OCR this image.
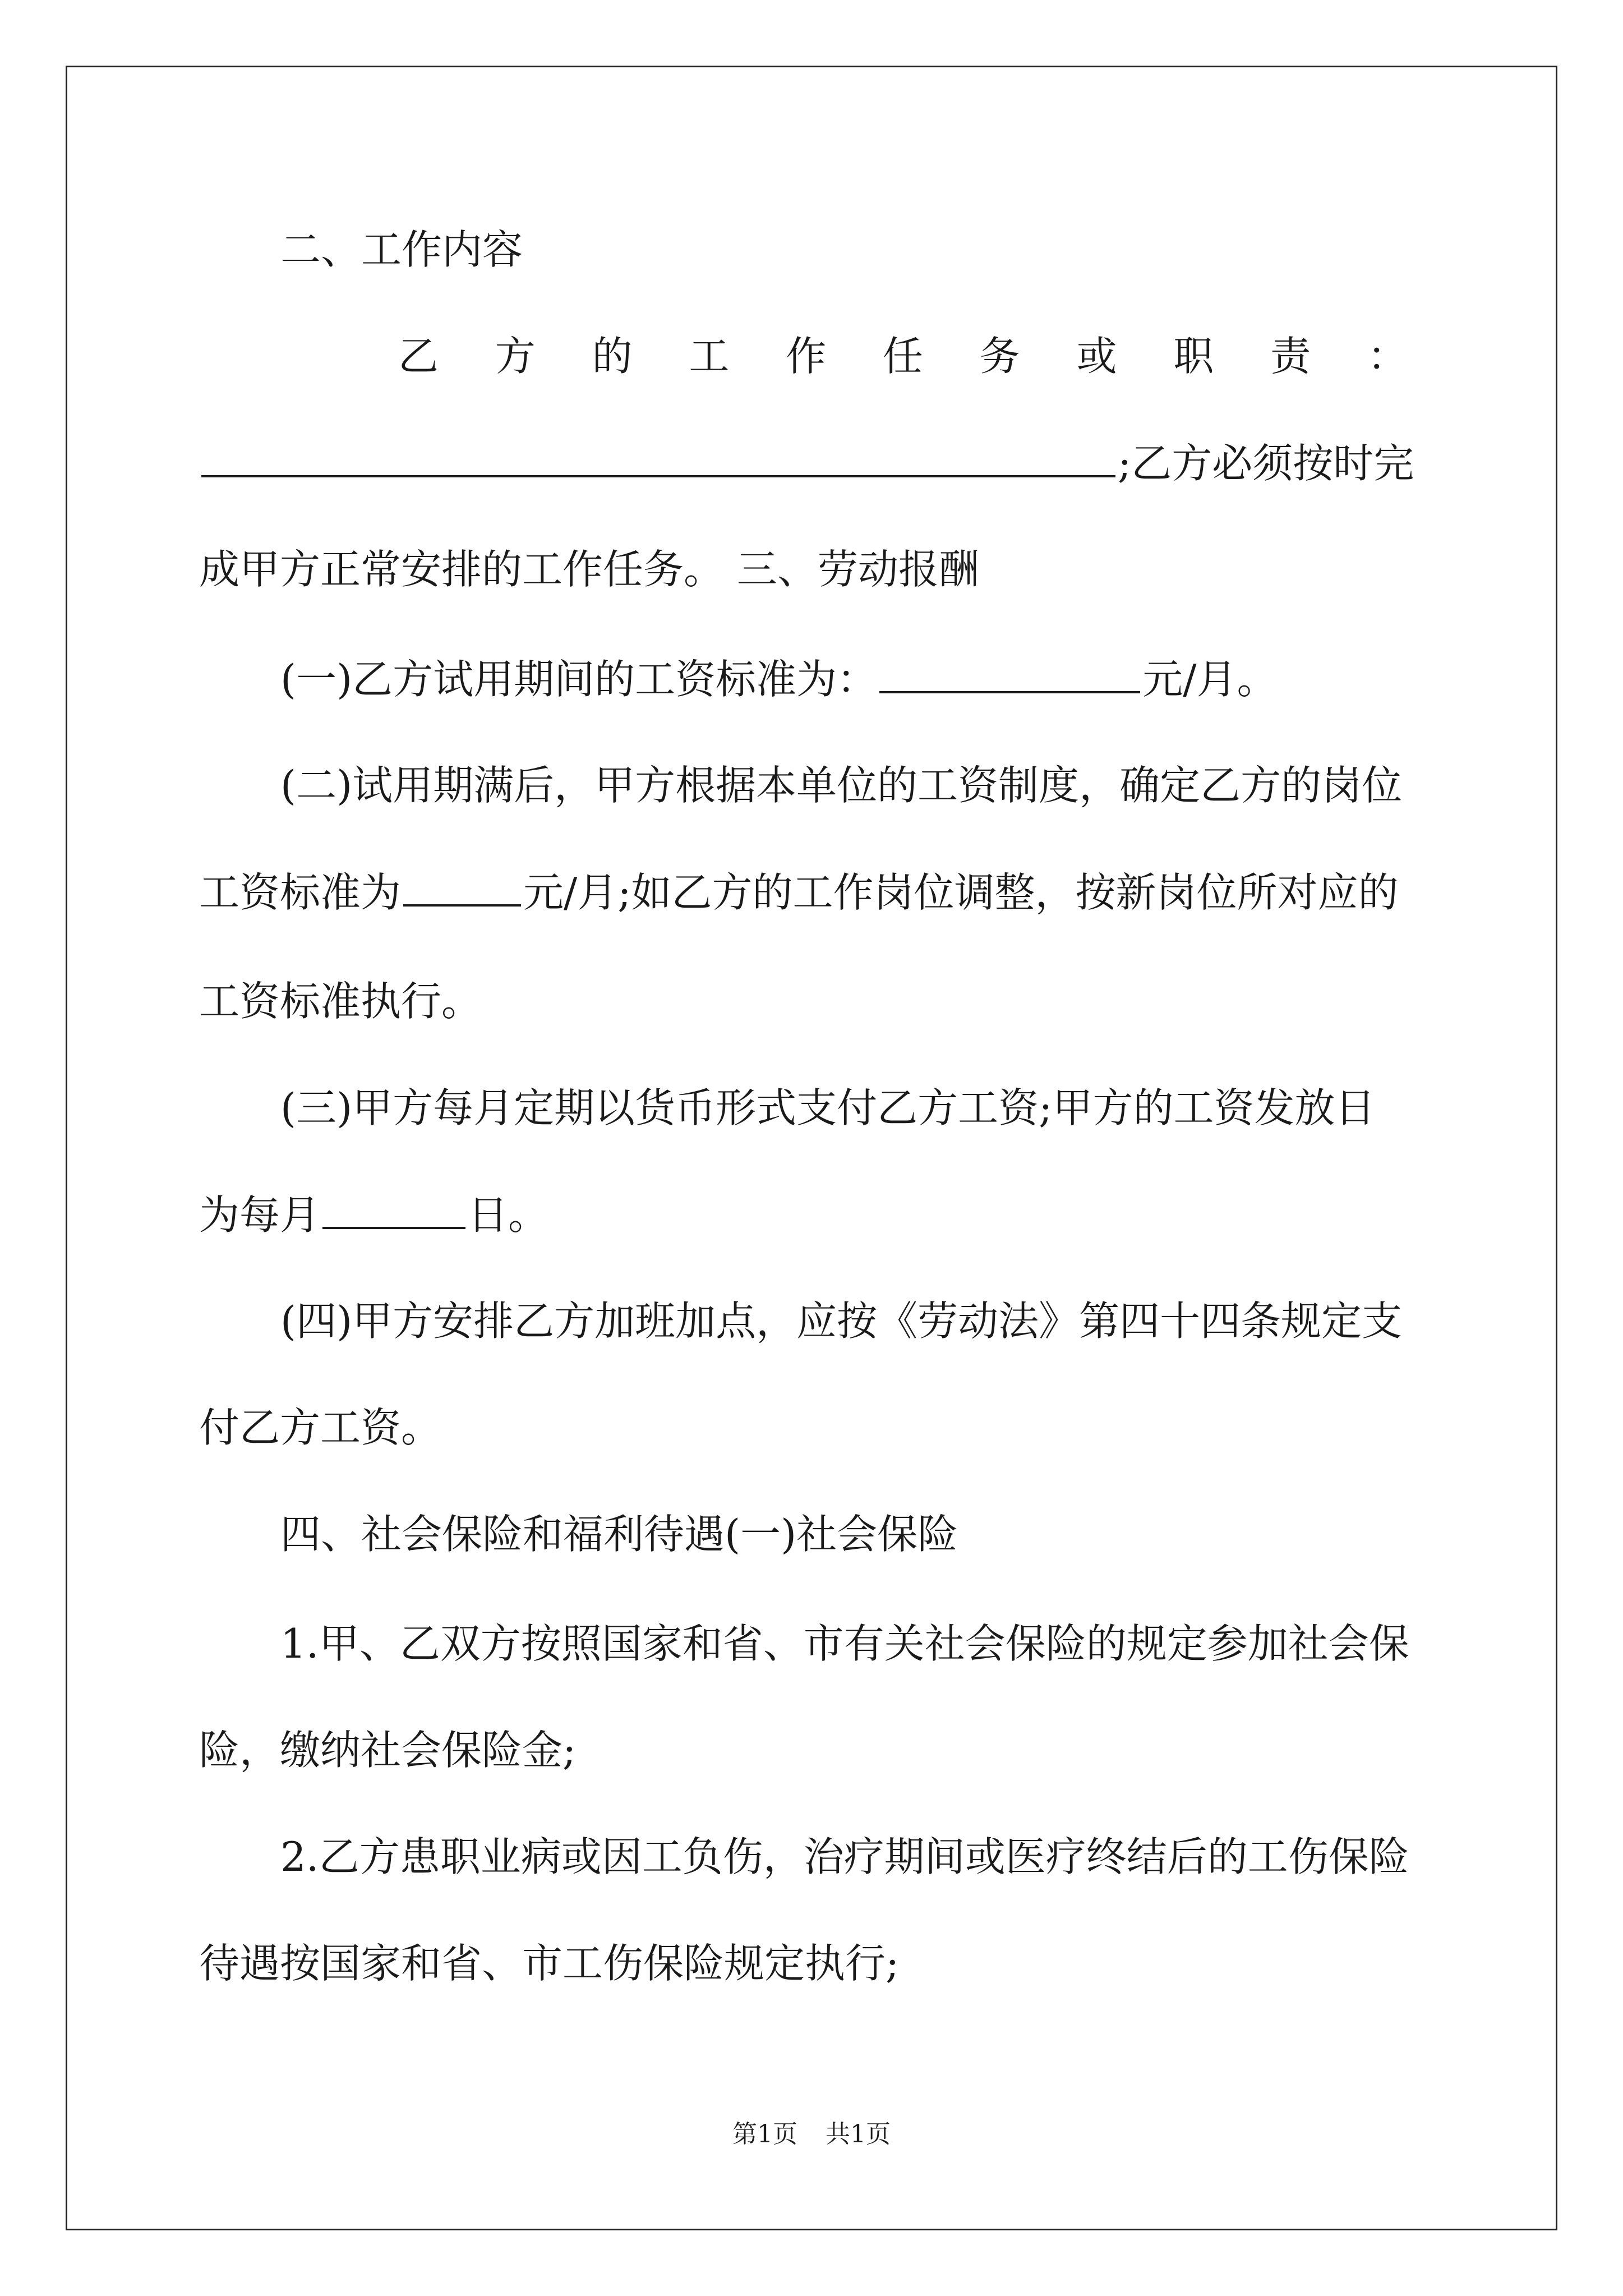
二、工作内容
乙 方 的 工 作 任 务 或 职 责 ：
;乙方必须按时完
成甲方正常安排的工作任务。 三、劳动报酬
(一)乙方试用期间的工资标准为：	元/月。
(二)试用期满后，甲方根据本单位的工资制度，确定乙方的岗位
工资标准为	元/月;如乙方的工作岗位调整，按新岗位所对应的
工资标准执行。
(三)甲方每月定期以货币形式支付乙方工资;甲方的工资发放日
为每月	日。
(四)甲方安排乙方加班加点，应按《劳动法》第四十四条规定支
付乙方工资。
四、社会保险和福利待遇(一)社会保险
1.甲、乙双方按照国家和省、市有关社会保险的规定参加社会保
险，缴纳社会保险金;
2.乙方患职业病或因工负伤，治疗期间或医疗终结后的工伤保险
待遇按国家和省、市工伤保险规定执行;
第1页 共1页
